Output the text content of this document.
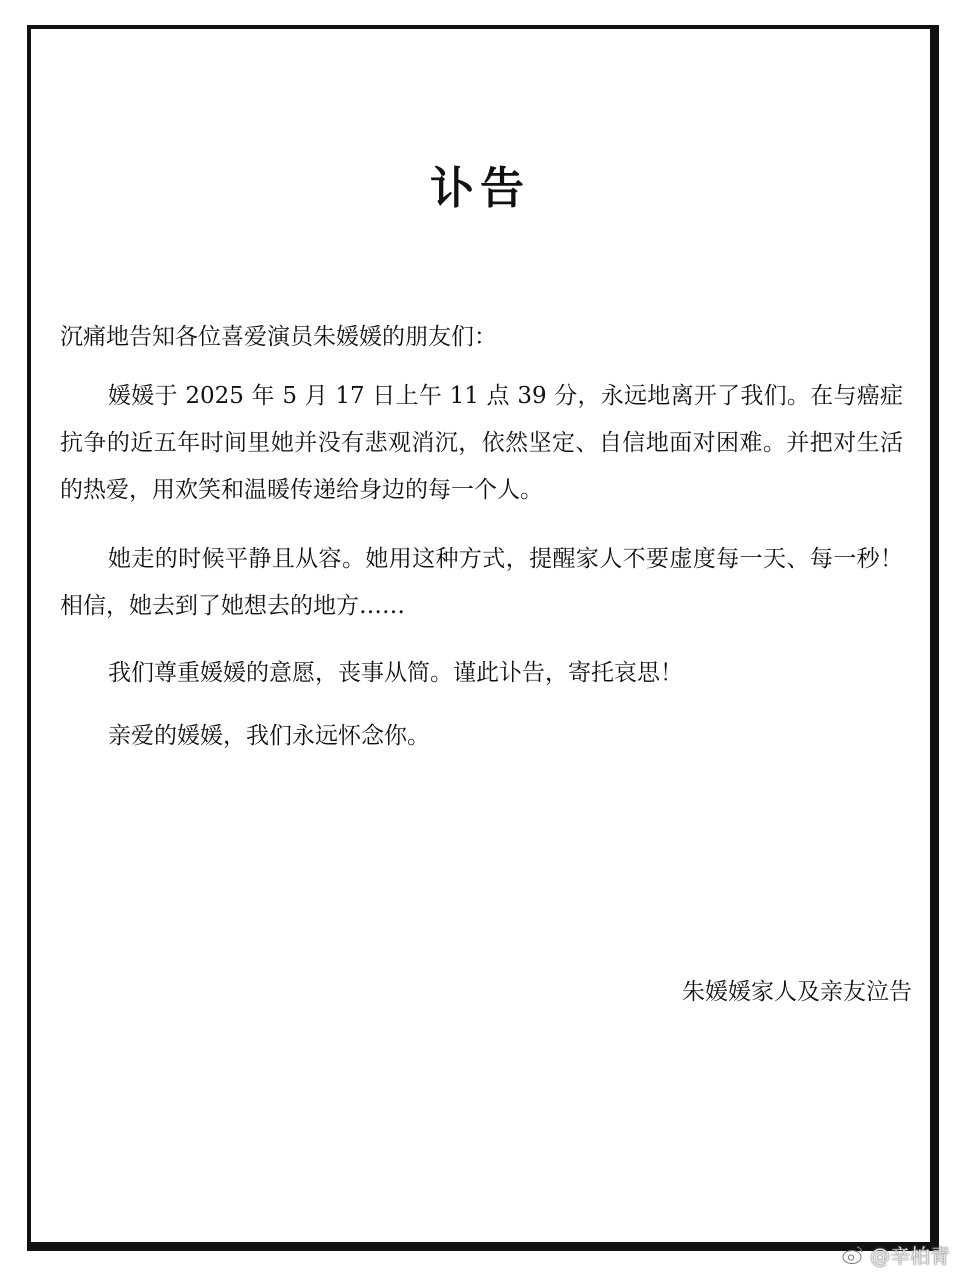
讣告
沉痛地告知各位喜爱演员朱媛媛的朋友们：

媛媛于 2025 年 5 月 17 日上午 11 点 39 分，永远地离开了我们。在与癌症抗争的近五年时间里她并没有悲观消沉，依然坚定、自信地面对困难。并把对生活的热爱，用欢笑和温暖传递给身边的每一个人。

她走的时候平静且从容。她用这种方式，提醒家人不要虚度每一天、每一秒！相信，她去到了她想去的地方……

我们尊重媛媛的意愿，丧事从简。谨此讣告，寄托哀思！

亲爱的媛媛，我们永远怀念你。

朱媛媛家人及亲友泣告
@辛柏青
